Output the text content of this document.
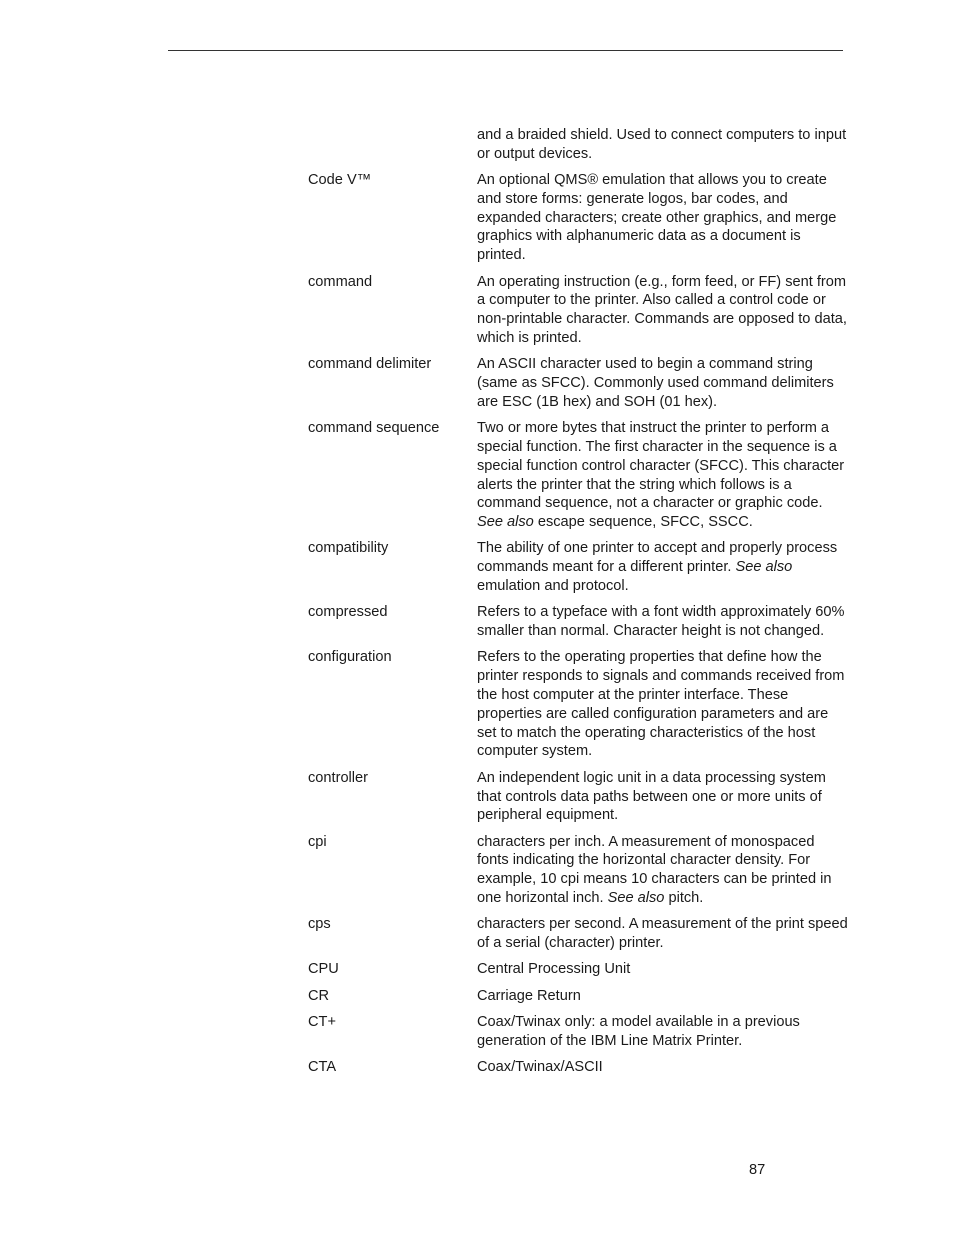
and a braided shield. Used to connect computers to input or output devices.
Code V™	An optional QMS® emulation that allows you to create and store forms: generate logos, bar codes, and expanded characters; create other graphics, and merge graphics with alphanumeric data as a document is printed.
command	An operating instruction (e.g., form feed, or FF) sent from a computer to the printer. Also called a control code or non-printable character. Commands are opposed to data, which is printed.
command delimiter	An ASCII character used to begin a command string (same as SFCC). Commonly used command delimiters are ESC (1B hex) and SOH (01 hex).
command sequence	Two or more bytes that instruct the printer to perform a special function. The first character in the sequence is a special function control character (SFCC). This character alerts the printer that the string which follows is a command sequence, not a character or graphic code. See also escape sequence, SFCC, SSCC.
compatibility	The ability of one printer to accept and properly process commands meant for a different printer. See also emulation and protocol.
compressed	Refers to a typeface with a font width approximately 60% smaller than normal. Character height is not changed.
configuration	Refers to the operating properties that define how the printer responds to signals and commands received from the host computer at the printer interface. These properties are called configuration parameters and are set to match the operating characteristics of the host computer system.
controller	An independent logic unit in a data processing system that controls data paths between one or more units of peripheral equipment.
cpi	characters per inch. A measurement of monospaced fonts indicating the horizontal character density. For example, 10 cpi means 10 characters can be printed in one horizontal inch. See also pitch.
cps	characters per second. A measurement of the print speed of a serial (character) printer.
CPU	Central Processing Unit
CR	Carriage Return
CT+	Coax/Twinax only: a model available in a previous generation of the IBM Line Matrix Printer.
CTA	Coax/Twinax/ASCII
87
